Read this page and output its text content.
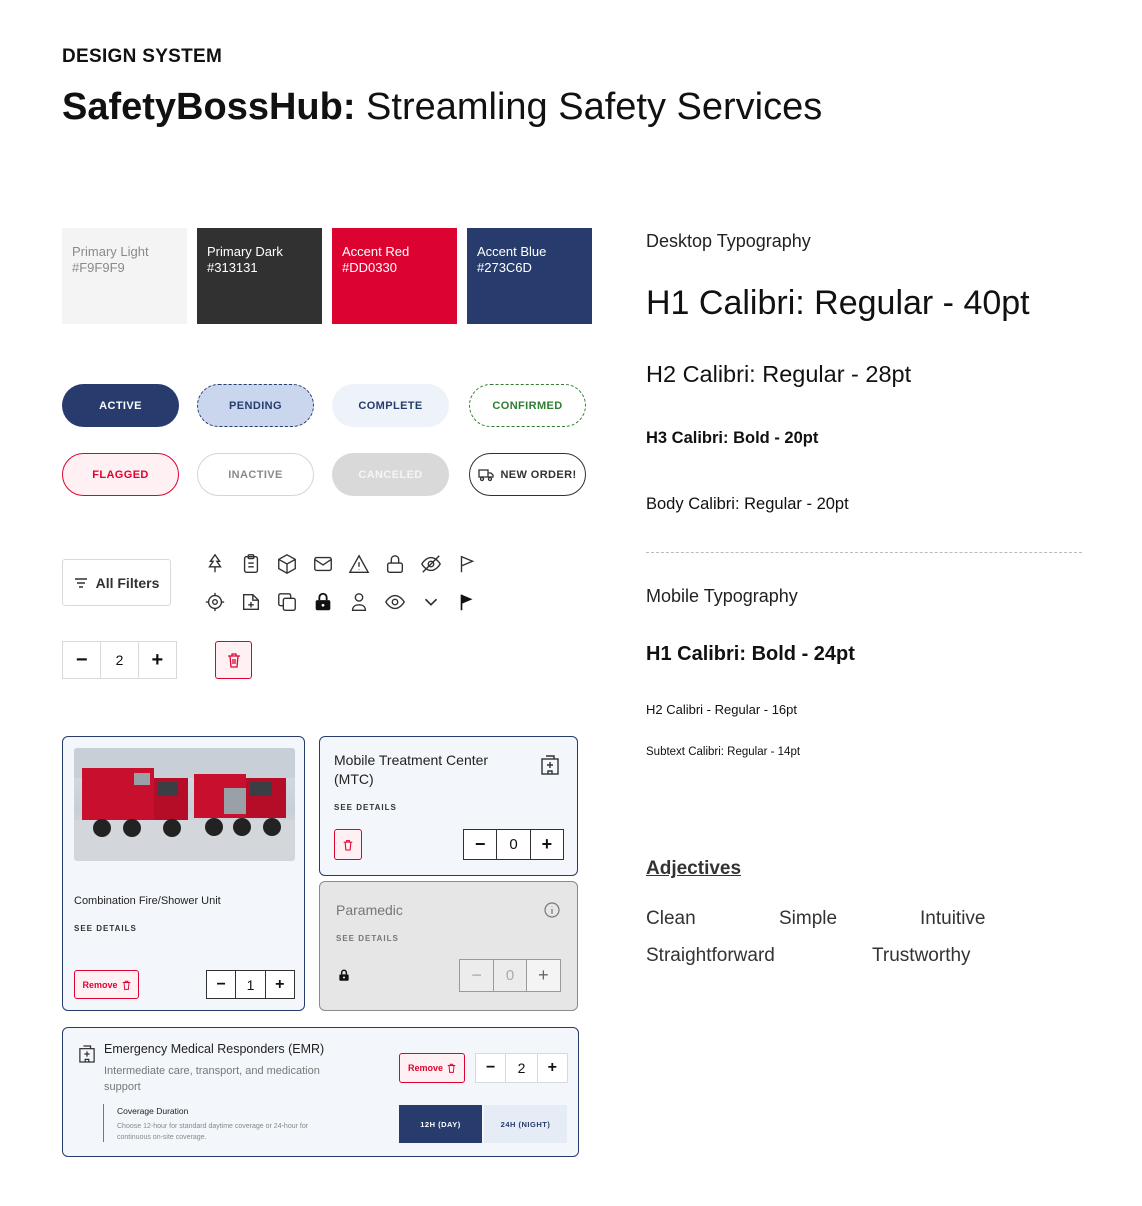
DESIGN SYSTEM
SafetyBossHub: Streamling Safety Services
Primary Light
#F9F9F9
Primary Dark
#313131
Accent Red
#DD0330
Accent Blue
#273C6D
ACTIVE	PENDING	COMPLETE	CONFIRMED
FLAGGED	INACTIVE	CANCELED	NEW ORDER!
All Filters
−	2	+
Combination Fire/Shower Unit
SEE DETAILS
Remove	−	1	+
Mobile Treatment Center (MTC)
SEE DETAILS
−	0	+
Paramedic
SEE DETAILS
−	0	+
Emergency Medical Responders (EMR)
Intermediate care, transport, and medication support
Coverage Duration
Choose 12-hour for standard daytime coverage or 24-hour for continuous on-site coverage.
Remove	−	2	+
12H (DAY)	24H (NIGHT)
Desktop Typography
H1 Calibri: Regular - 40pt
H2 Calibri: Regular - 28pt
H3 Calibri: Bold - 20pt
Body Calibri: Regular - 20pt
Mobile Typography
H1 Calibri: Bold - 24pt
H2 Calibri - Regular - 16pt
Subtext Calibri: Regular - 14pt
Adjectives
Clean	Simple	Intuitive
Straightforward	Trustworthy
